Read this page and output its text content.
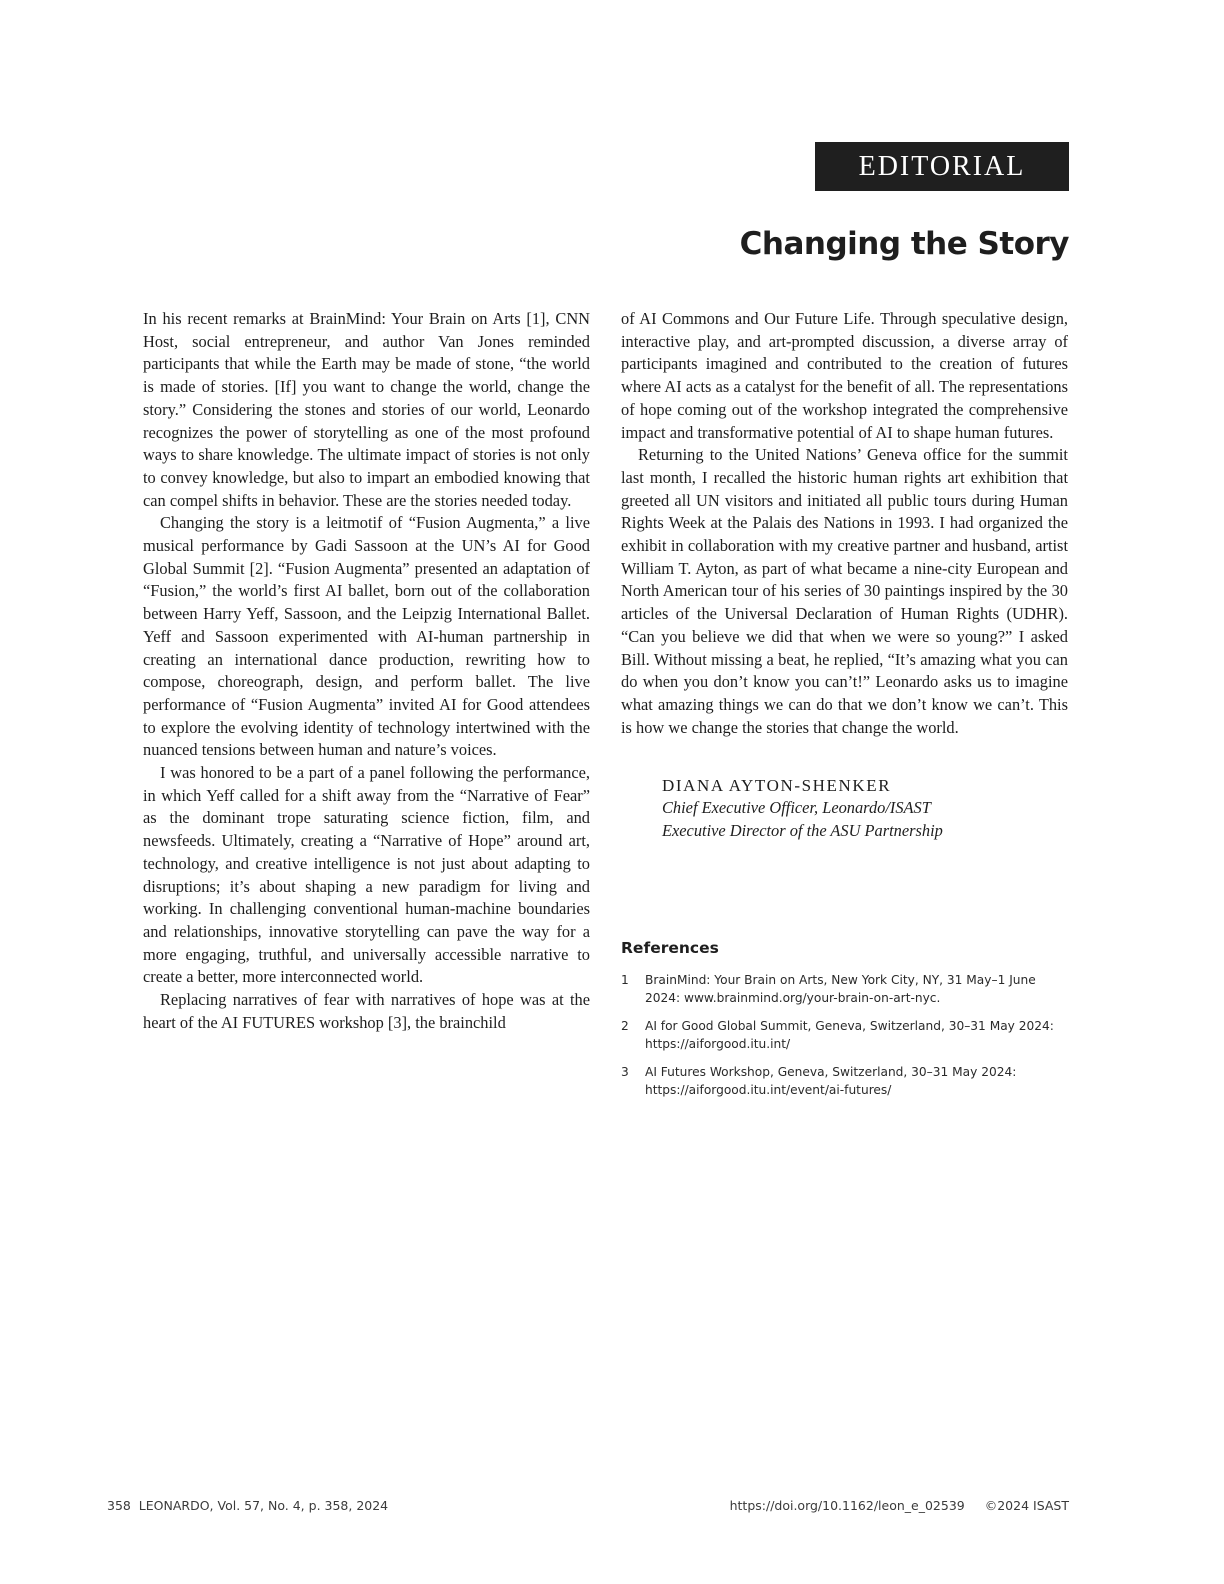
EDITORIAL
Changing the Story

In his recent remarks at BrainMind: Your Brain on Arts [1], CNN Host, social entrepreneur, and author Van Jones reminded participants that while the Earth may be made of stone, “the world is made of stories. [If] you want to change the world, change the story.” Considering the stones and stories of our world, Leonardo recognizes the power of storytelling as one of the most profound ways to share knowledge. The ultimate impact of stories is not only to convey knowledge, but also to impart an embodied knowing that can compel shifts in behavior. These are the stories needed today.

Changing the story is a leitmotif of “Fusion Augmenta,” a live musical performance by Gadi Sassoon at the UN’s AI for Good Global Summit [2]. “Fusion Augmenta” presented an adaptation of “Fusion,” the world’s first AI ballet, born out of the collaboration between Harry Yeff, Sassoon, and the Leipzig International Ballet. Yeff and Sassoon experimented with AI-human partnership in creating an international dance production, rewriting how to compose, choreograph, design, and perform ballet. The live performance of “Fusion Augmenta” invited AI for Good attendees to explore the evolving identity of technology intertwined with the nuanced tensions between human and nature’s voices.

I was honored to be a part of a panel following the performance, in which Yeff called for a shift away from the “Narrative of Fear” as the dominant trope saturating science fiction, film, and newsfeeds. Ultimately, creating a “Narrative of Hope” around art, technology, and creative intelligence is not just about adapting to disruptions; it’s about shaping a new paradigm for living and working. In challenging conventional human-machine boundaries and relationships, innovative storytelling can pave the way for a more engaging, truthful, and universally accessible narrative to create a better, more interconnected world.

Replacing narratives of fear with narratives of hope was at the heart of the AI FUTURES workshop [3], the brainchild

of AI Commons and Our Future Life. Through speculative design, interactive play, and art-prompted discussion, a diverse array of participants imagined and contributed to the creation of futures where AI acts as a catalyst for the benefit of all. The representations of hope coming out of the workshop integrated the comprehensive impact and transformative potential of AI to shape human futures.

Returning to the United Nations’ Geneva office for the summit last month, I recalled the historic human rights art exhibition that greeted all UN visitors and initiated all public tours during Human Rights Week at the Palais des Nations in 1993. I had organized the exhibit in collaboration with my creative partner and husband, artist William T. Ayton, as part of what became a nine-city European and North American tour of his series of 30 paintings inspired by the 30 articles of the Universal Declaration of Human Rights (UDHR). “Can you believe we did that when we were so young?” I asked Bill. Without missing a beat, he replied, “It’s amazing what you can do when you don’t know you can’t!” Leonardo asks us to imagine what amazing things we can do that we don’t know we can’t. This is how we change the stories that change the world.

DIANA AYTON-SHENKER
Chief Executive Officer, Leonardo/ISAST
Executive Director of the ASU Partnership
References
1 BrainMind: Your Brain on Arts, New York City, NY, 31 May–1 June 2024: www.brainmind.org/your-brain-on-art-nyc.
2 AI for Good Global Summit, Geneva, Switzerland, 30–31 May 2024: https://aiforgood.itu.int/
3 AI Futures Workshop, Geneva, Switzerland, 30–31 May 2024: https://aiforgood.itu.int/event/ai-futures/
358  LEONARDO, Vol. 57, No. 4, p. 358, 2024	https://doi.org/10.1162/leon_e_02539 ©2024 ISAST
